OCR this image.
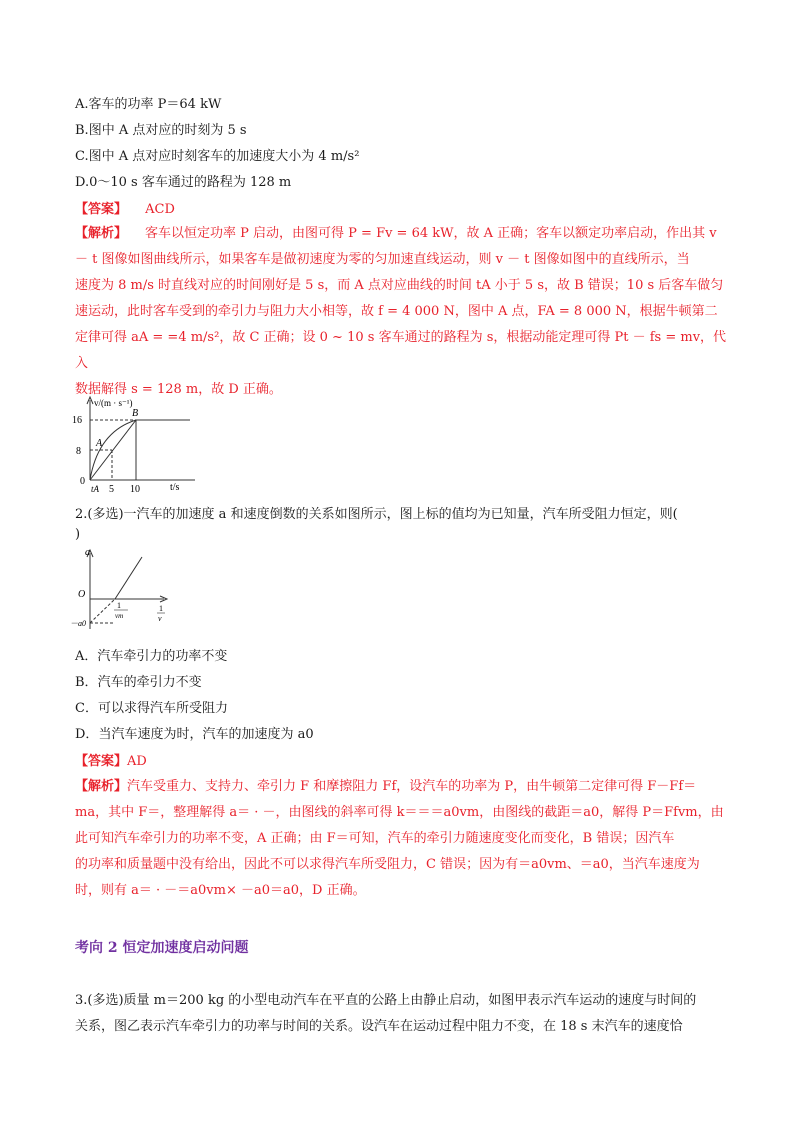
A.客车的功率 P＝64 kW
B.图中 A 点对应的时刻为 5 s
C.图中 A 点对应时刻客车的加速度大小为 4 m/s²
D.0～10 s 客车通过的路程为 128 m
【答案】 ACD
【解析】 客车以恒定功率 P 启动，由图可得 P = Fv = 64 kW，故 A 正确；客车以额定功率启动，作出其 v
－ t 图像如图曲线所示，如果客车是做初速度为零的匀加速直线运动，则 v － t 图像如图中的直线所示，当
速度为 8 m/s 时直线对应的时间刚好是 5 s，而 A 点对应曲线的时间 tA 小于 5 s，故 B 错误；10 s 后客车做匀
速运动，此时客车受到的牵引力与阻力大小相等，故 f = 4 000 N，图中 A 点，FA = 8 000 N，根据牛顿第二
定律可得 aA = =4 m/s²，故 C 正确；设 0 ~ 10 s 客车通过的路程为 s，根据动能定理可得 Pt － fs = mv，代入
数据解得 s = 128 m，故 D 正确。
v/(m · s⁻¹)
16
8
0
A
B
tA 5 10	t/s
2.(多选)一汽车的加速度 a 和速度倒数的关系如图所示，图上标的值均为已知量，汽车所受阻力恒定，则(
)
a
O
－a0
1
vm
1
v
A．汽车牵引力的功率不变
B．汽车的牵引力不变
C．可以求得汽车所受阻力
D．当汽车速度为时，汽车的加速度为 a0
【答案】AD
【解析】汽车受重力、支持力、牵引力 F 和摩擦阻力 Ff，设汽车的功率为 P，由牛顿第二定律可得 F－Ff＝
ma，其中 F＝，整理解得 a＝ · －，由图线的斜率可得 k＝＝＝a0vm，由图线的截距＝a0，解得 P＝Ffvm，由
此可知汽车牵引力的功率不变，A 正确；由 F＝可知，汽车的牵引力随速度变化而变化，B 错误；因汽车
的功率和质量题中没有给出，因此不可以求得汽车所受阻力，C 错误；因为有＝a0vm、＝a0，当汽车速度为
时，则有 a＝ · －＝a0vm× －a0＝a0，D 正确。
考向 2 恒定加速度启动问题
3.(多选)质量 m＝200 kg 的小型电动汽车在平直的公路上由静止启动，如图甲表示汽车运动的速度与时间的
关系，图乙表示汽车牵引力的功率与时间的关系。设汽车在运动过程中阻力不变，在 18 s 末汽车的速度恰
